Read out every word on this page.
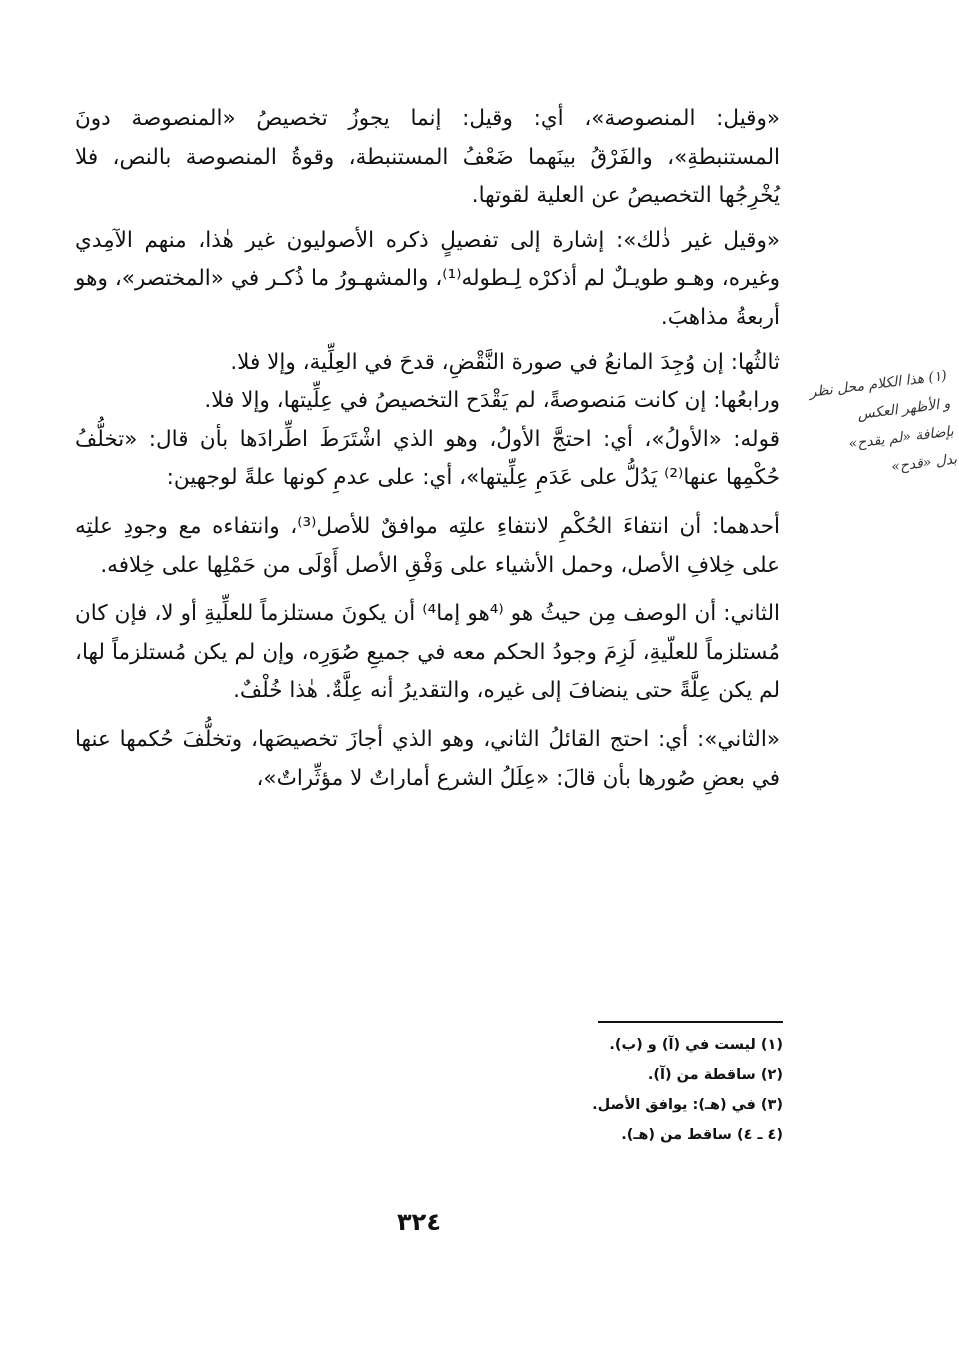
«وقيل: المنصوصة»، أي: وقيل: إنما يجوزُ تخصيصُ «المنصوصة دونَ المستنبطةِ»، والفَرْقُ بينَهما ضَعْفُ المستنبطة، وقوةُ المنصوصة بالنص، فلا يُخْرِجُها التخصيصُ عن العلية لقوتها.

«وقيل غير ذٰلك»: إشارة إلى تفصيلٍ ذكره الأصوليون غير هٰذا، منهم الآمِدي وغيره، وهـو طويـلٌ لم أذكرْه لِـطوله⁽¹⁾، والمشهـورُ ما ذُكـر في «المختصر»، وهو أربعةُ مذاهبَ.

ثالثُها: إن وُجِدَ المانعُ في صورة النَّقْضِ، قدحَ في العِلِّية، وإلا فلا.

ورابعُها: إن كانت مَنصوصةً، لم يَقْدَح التخصيصُ في عِلِّيتها، وإلا فلا.

قوله: «الأولُ»، أي: احتجَّ الأولُ، وهو الذي اشْتَرَطَ اطِّرادَها بأن قال: «تخلُّفُ حُكْمِها عنها⁽²⁾ يَدُلُّ على عَدَمِ عِلِّيتها»، أي: على عدمِ كونها علةً لوجهين:

أحدهما: أن انتفاءَ الحُكْمِ لانتفاءِ علتِه موافقٌ للأصل⁽³⁾، وانتفاءه مع وجودِ علتِه على خِلافِ الأصل، وحمل الأشياء على وَفْقِ الأصل أَوْلَى من حَمْلِها على خِلافه.

الثاني: أن الوصف مِن حيثُ هو ⁽⁴هو إما⁴⁾ أن يكونَ مستلزماً للعلِّيةِ أو لا، فإن كان مُستلزماً للعلّيةِ، لَزِمَ وجودُ الحكم معه في جميعِ صُوَرِه، وإن لم يكن مُستلزماً لها، لم يكن عِلَّةً حتى ينضافَ إلى غيره، والتقديرُ أنه عِلَّةٌ. هٰذا خُلْفٌ.

«الثاني»: أي: احتج القائلُ الثاني، وهو الذي أجازَ تخصيصَها، وتخلُّفَ حُكمها عنها في بعضِ صُورها بأن قالَ: «عِلَلُ الشرع أماراتٌ لا مؤثِّراتٌ»،

(١) هذا الكلام محل نظر
و الأظهر العكس
بإضافة «لم يقدح»
بدل «قدح»
(١) ليست في (آ) و (ب).
(٢) ساقطة من (آ).
(٣) في (هـ): يوافق الأصل.
(٤ ـ ٤) ساقط من (هـ).
٣٢٤
